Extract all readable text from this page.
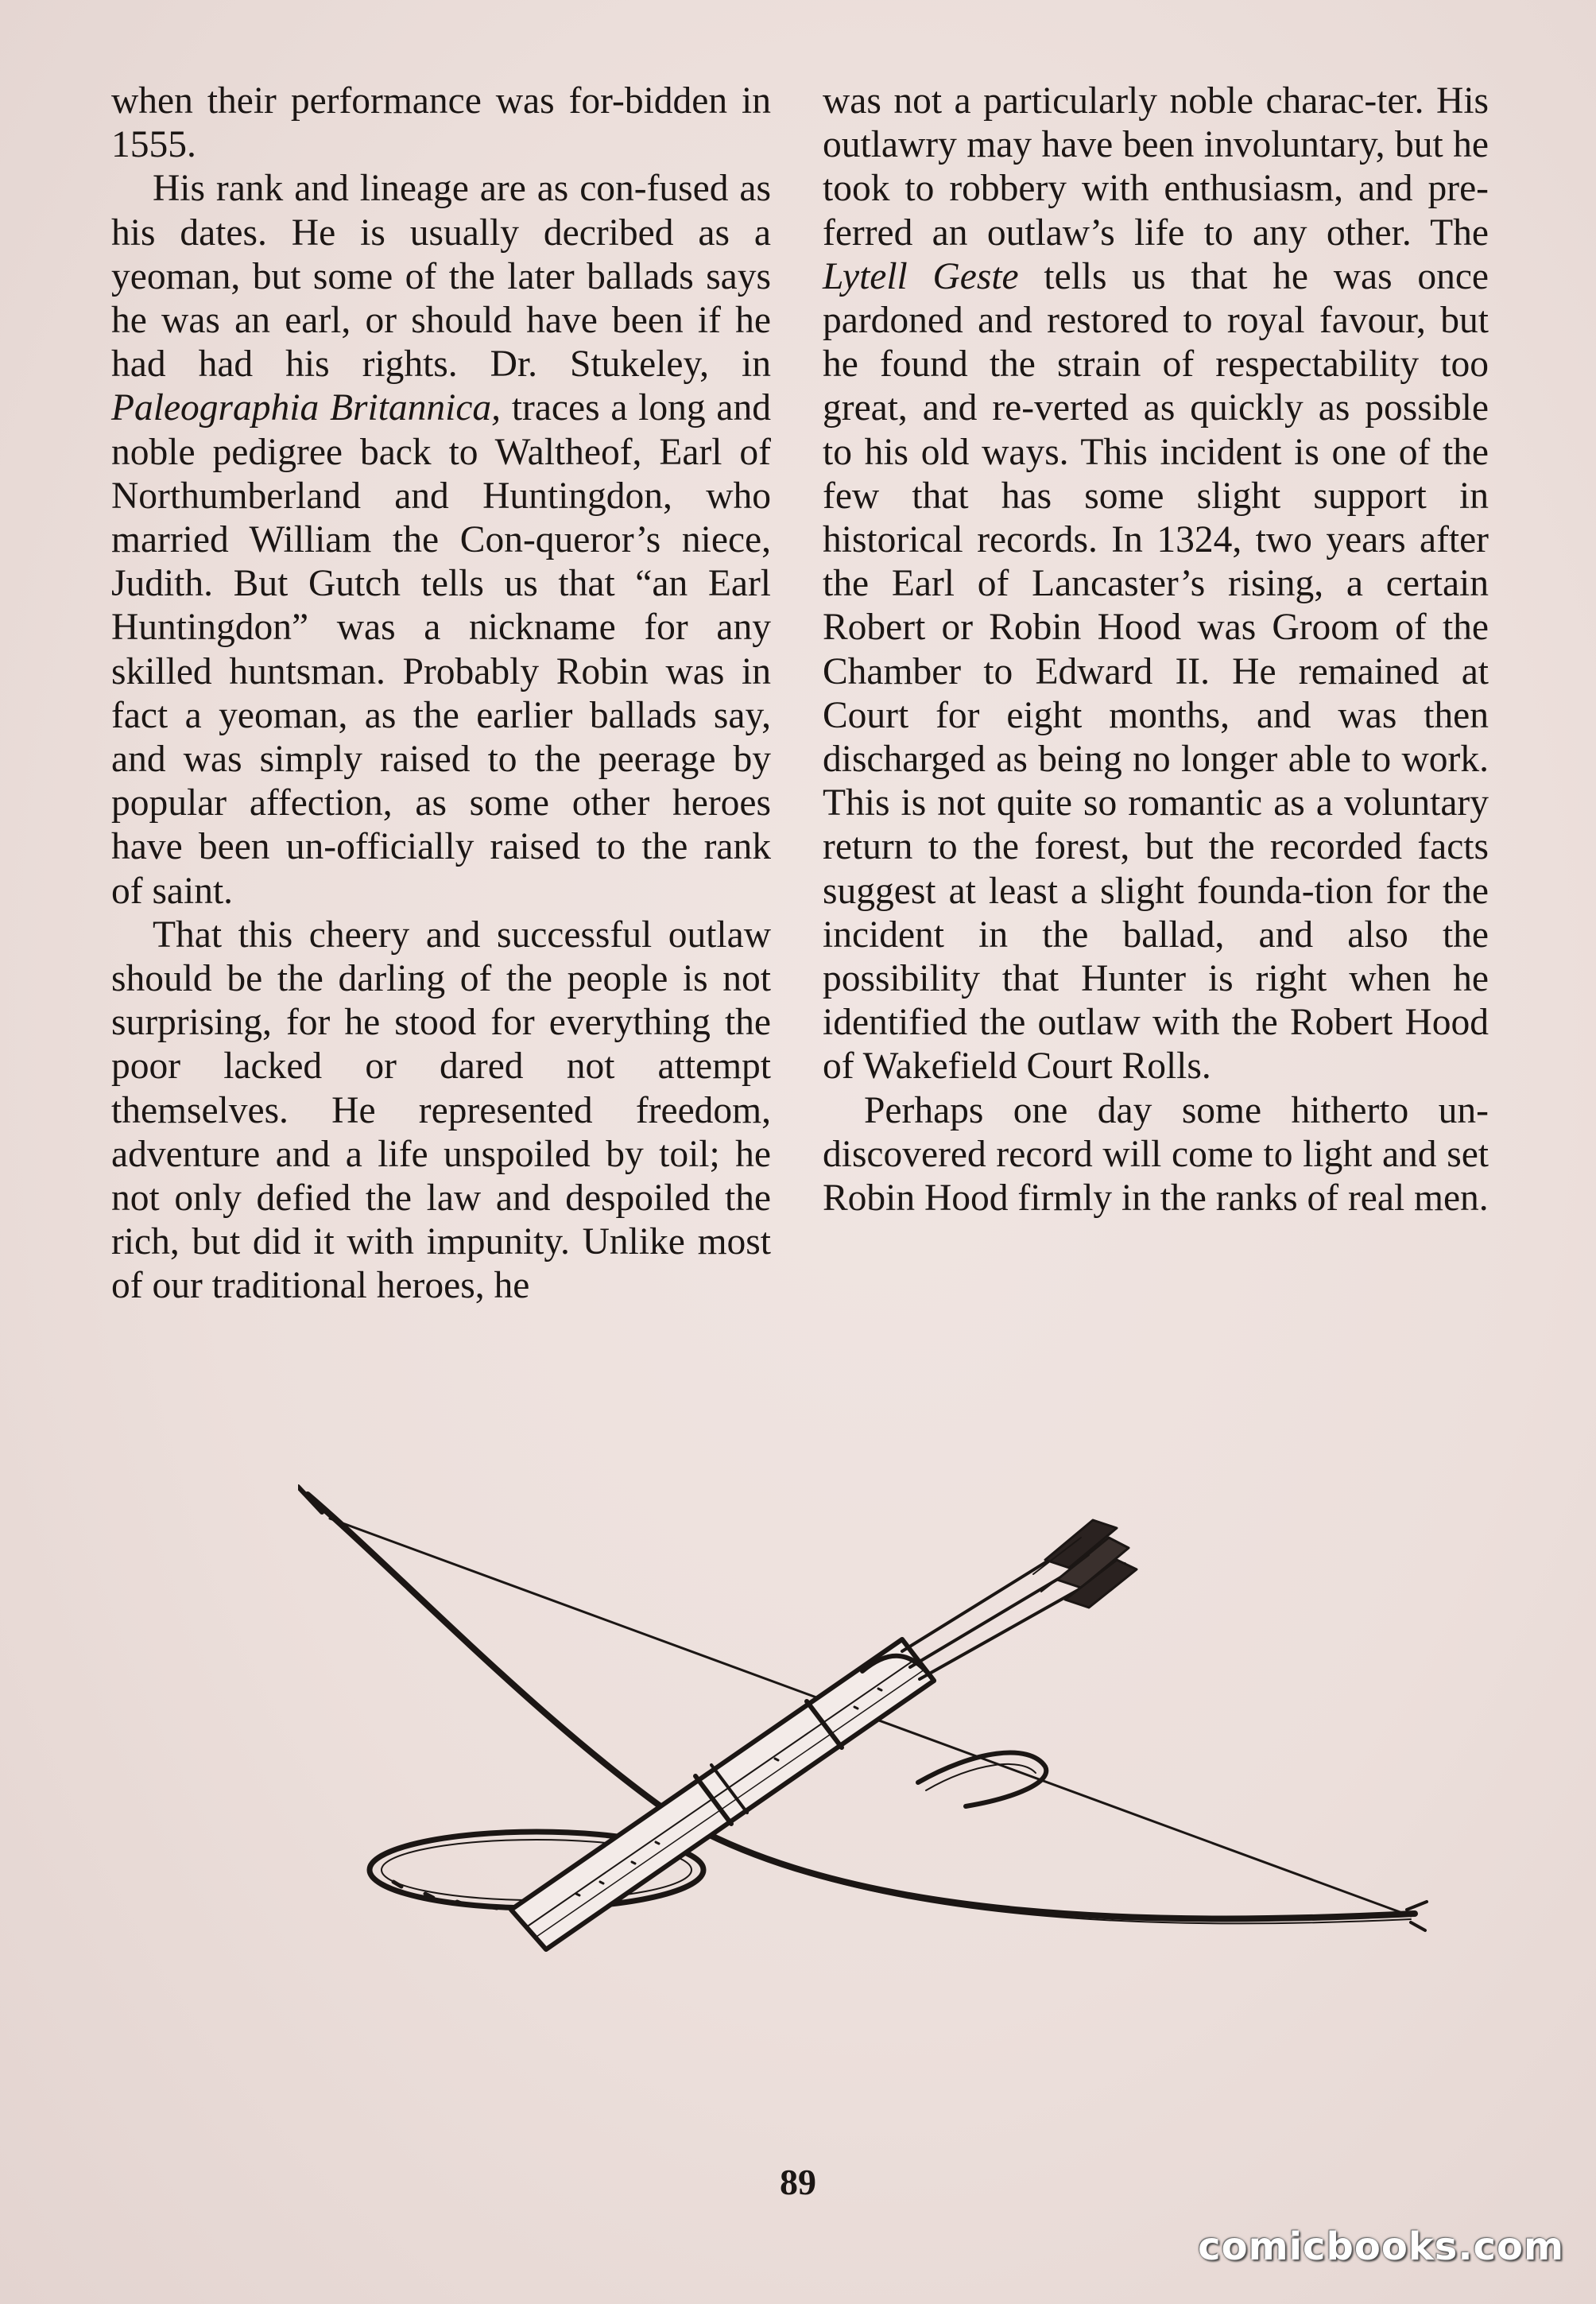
when their performance was for-bidden in 1555.

His rank and lineage are as con-fused as his dates. He is usually decribed as a yeoman, but some of the later ballads says he was an earl, or should have been if he had had his rights. Dr. Stukeley, in Paleographia Britannica, traces a long and noble pedigree back to Waltheof, Earl of Northumberland and Huntingdon, who married William the Con-queror’s niece, Judith. But Gutch tells us that “an Earl Huntingdon” was a nickname for any skilled huntsman. Probably Robin was in fact a yeoman, as the earlier ballads say, and was simply raised to the peerage by popular affection, as some other heroes have been un-officially raised to the rank of saint.

That this cheery and successful outlaw should be the darling of the people is not surprising, for he stood for everything the poor lacked or dared not attempt themselves. He represented freedom, adventure and a life unspoiled by toil; he not only defied the law and despoiled the rich, but did it with impunity. Unlike most of our traditional heroes, he

was not a particularly noble charac-ter. His outlawry may have been involuntary, but he took to robbery with enthusiasm, and pre-ferred an outlaw’s life to any other. The Lytell Geste tells us that he was once pardoned and restored to royal favour, but he found the strain of respectability too great, and re-verted as quickly as possible to his old ways. This incident is one of the few that has some slight support in historical records. In 1324, two years after the Earl of Lancaster’s rising, a certain Robert or Robin Hood was Groom of the Chamber to Edward II. He remained at Court for eight months, and was then discharged as being no longer able to work. This is not quite so romantic as a voluntary return to the forest, but the recorded facts suggest at least a slight founda-tion for the incident in the ballad, and also the possibility that Hunter is right when he identified the outlaw with the Robert Hood of Wakefield Court Rolls.

Perhaps one day some hitherto un-discovered record will come to light and set Robin Hood firmly in the ranks of real men.

89
comicbooks.com
